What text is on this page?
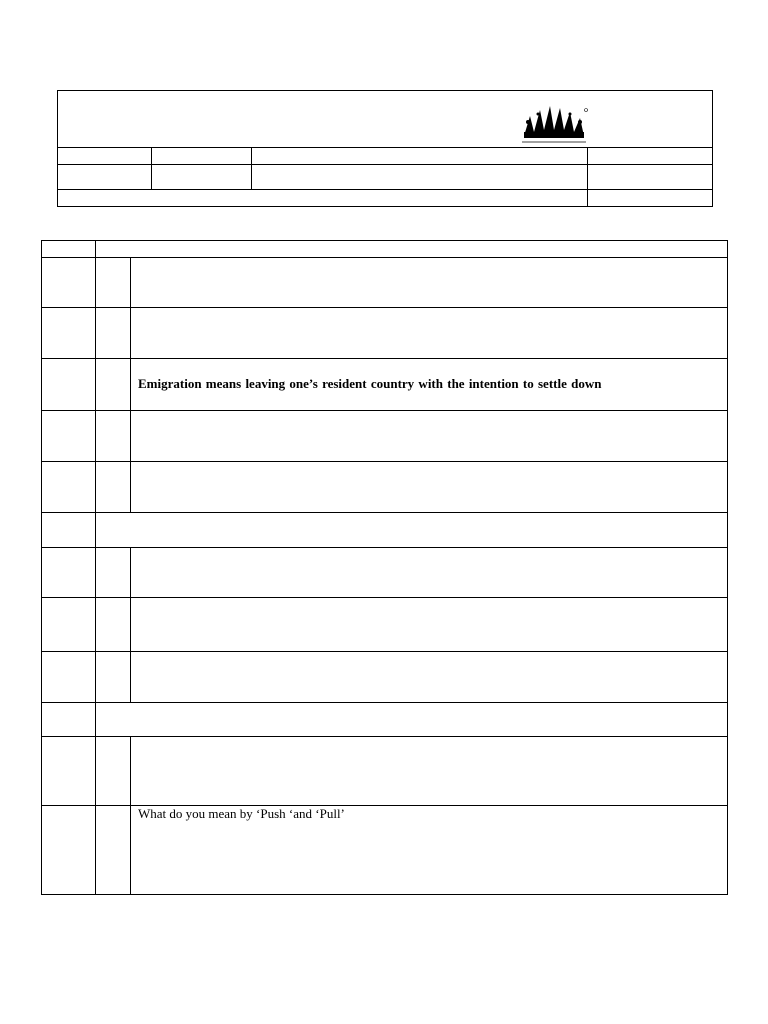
Emigration means leaving one’s resident country with the intention to settle down
What do you mean by ‘Push ‘and ‘Pull’
